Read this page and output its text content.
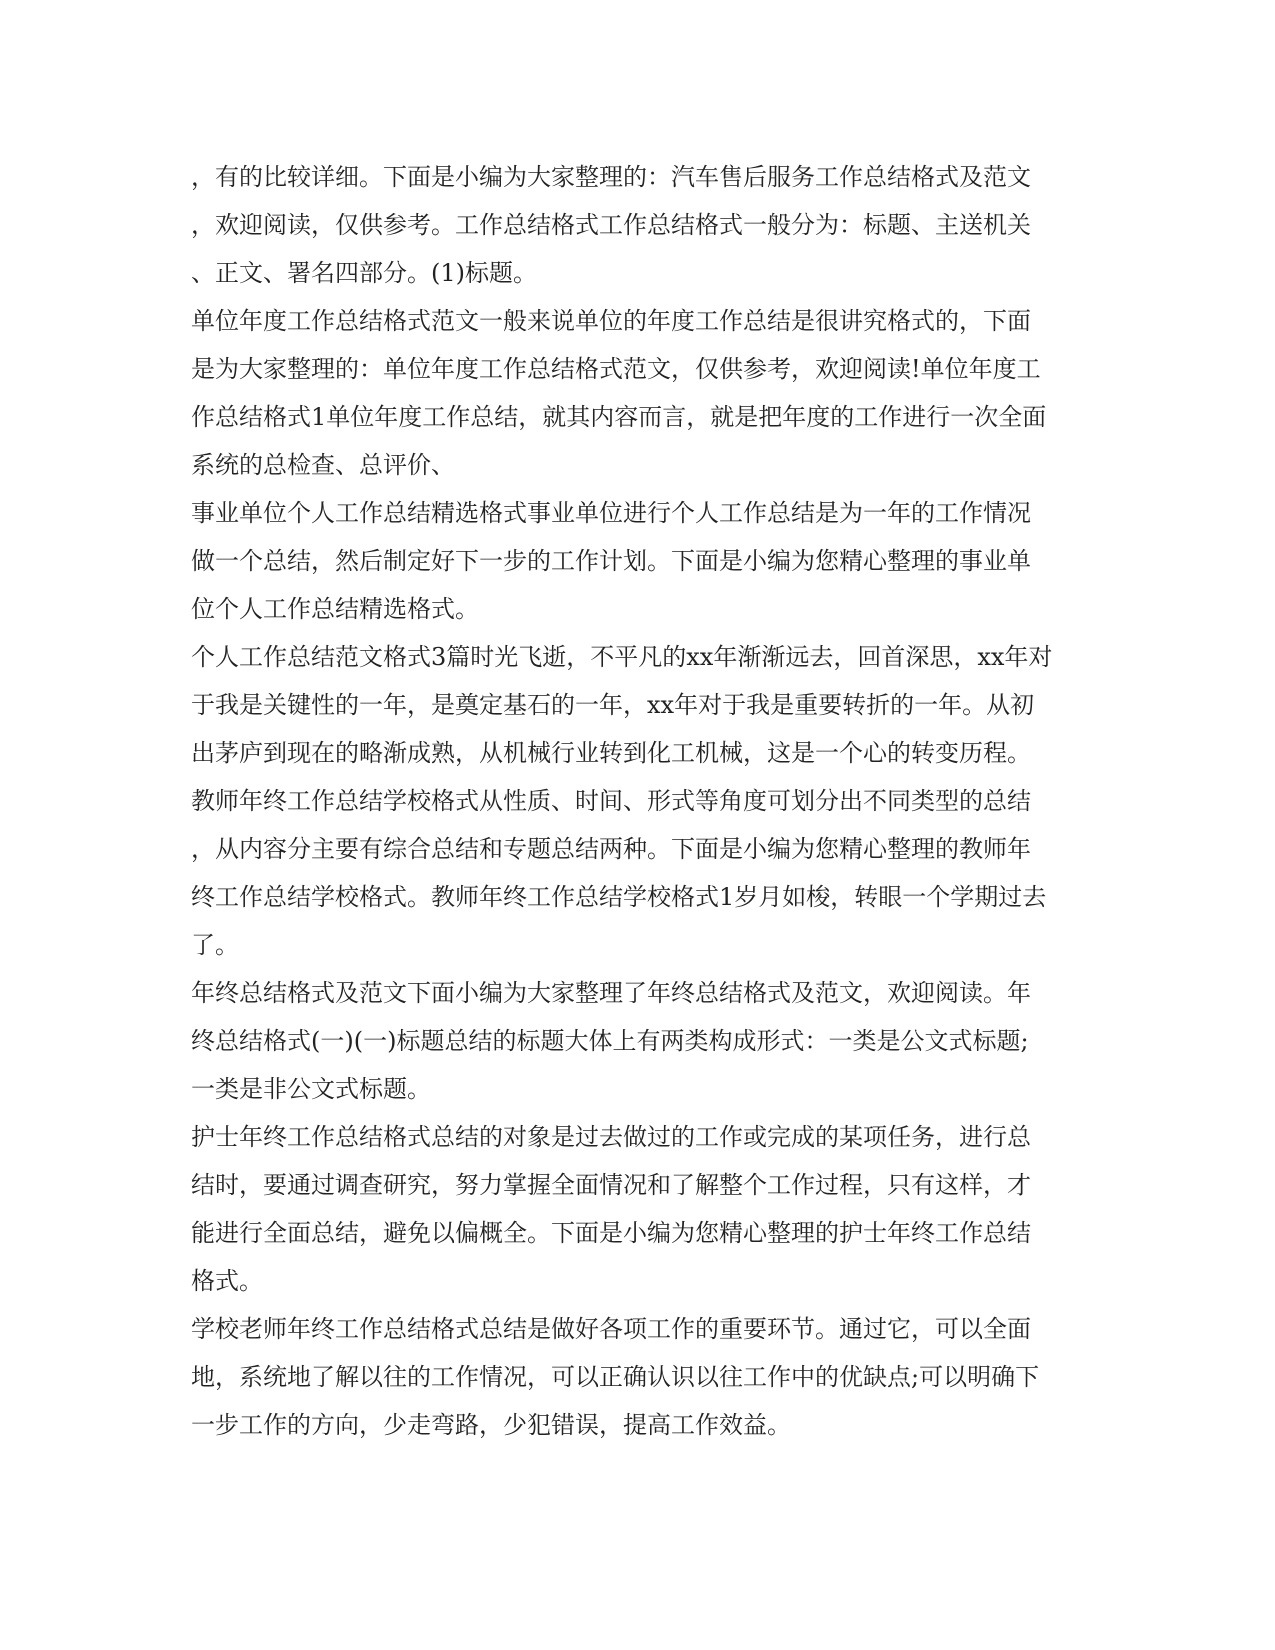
，有的比较详细。下面是小编为大家整理的：汽车售后服务工作总结格式及范文
，欢迎阅读，仅供参考。工作总结格式工作总结格式一般分为：标题、主送机关
、正文、署名四部分。(1)标题。

单位年度工作总结格式范文一般来说单位的年度工作总结是很讲究格式的，下面
是为大家整理的：单位年度工作总结格式范文，仅供参考，欢迎阅读!单位年度工
作总结格式1单位年度工作总结，就其内容而言，就是把年度的工作进行一次全面
系统的总检查、总评价、

事业单位个人工作总结精选格式事业单位进行个人工作总结是为一年的工作情况
做一个总结，然后制定好下一步的工作计划。下面是小编为您精心整理的事业单
位个人工作总结精选格式。

个人工作总结范文格式3篇时光飞逝，不平凡的xx年渐渐远去，回首深思，xx年对
于我是关键性的一年，是奠定基石的一年，xx年对于我是重要转折的一年。从初
出茅庐到现在的略渐成熟，从机械行业转到化工机械，这是一个心的转变历程。

教师年终工作总结学校格式从性质、时间、形式等角度可划分出不同类型的总结
，从内容分主要有综合总结和专题总结两种。下面是小编为您精心整理的教师年
终工作总结学校格式。教师年终工作总结学校格式1岁月如梭，转眼一个学期过去
了。

年终总结格式及范文下面小编为大家整理了年终总结格式及范文，欢迎阅读。年
终总结格式(一)(一)标题总结的标题大体上有两类构成形式：一类是公文式标题;
一类是非公文式标题。

护士年终工作总结格式总结的对象是过去做过的工作或完成的某项任务，进行总
结时，要通过调查研究，努力掌握全面情况和了解整个工作过程，只有这样，才
能进行全面总结，避免以偏概全。下面是小编为您精心整理的护士年终工作总结
格式。

学校老师年终工作总结格式总结是做好各项工作的重要环节。通过它，可以全面
地，系统地了解以往的工作情况，可以正确认识以往工作中的优缺点;可以明确下
一步工作的方向，少走弯路，少犯错误，提高工作效益。
